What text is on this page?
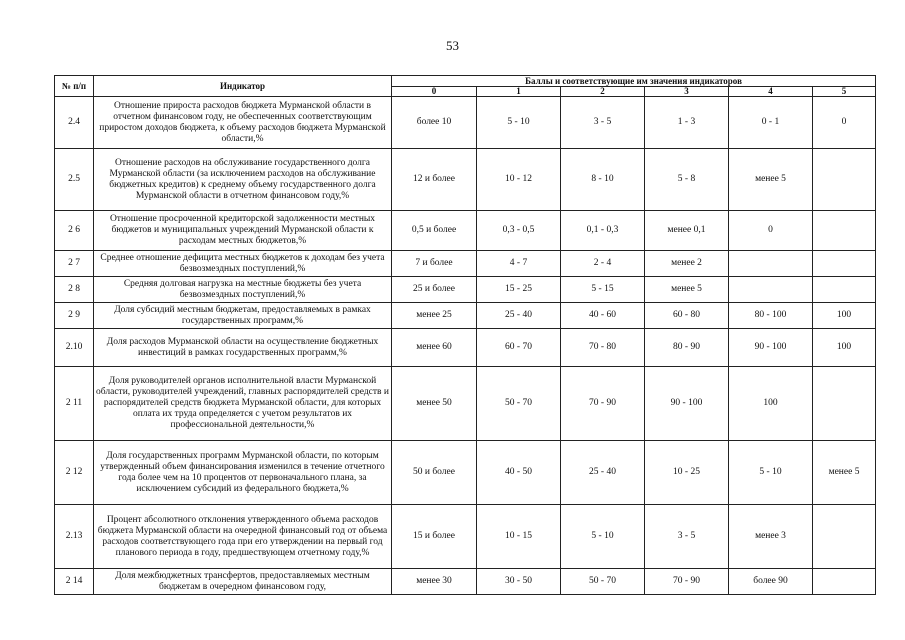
53
№ п/п	Индикатор	Баллы и соответствующие им значения индикаторов					
		0	1	2	3	4	5
2.4	Отношение прироста расходов бюджета Мурманской области в отчетном финансовом году, не обеспеченных соответствующим приростом доходов бюджета, к объему расходов бюджета Мурманской области,%	более 10	5 - 10	3 - 5	1 - 3	0 - 1	0
2.5	Отношение расходов на обслуживание государственного долга Мурманской области (за исключением расходов на обслуживание бюджетных кредитов) к среднему объему государственного долга Мурманской области в отчетном финансовом году,%	12 и более	10 - 12	8 - 10	5 - 8	менее 5	
2 6	Отношение просроченной кредиторской задолженности местных бюджетов и муниципальных учреждений Мурманской области к расходам местных бюджетов,%	0,5 и более	0,3 - 0,5	0,1 - 0,3	менее 0,1	0	
2 7	Среднее отношение дефицита местных бюджетов к доходам без учета безвозмездных поступлений,%	7 и более	4 - 7	2 - 4	менее 2		
2 8	Средняя долговая нагрузка на местные бюджеты без учета безвозмездных поступлений,%	25 и более	15 - 25	5 - 15	менее 5		
2 9	Доля субсидий местным бюджетам, предоставляемых в рамках государственных программ,%	менее 25	25 - 40	40 - 60	60 - 80	80 - 100	100
2.10	Доля расходов Мурманской области на осуществление бюджетных инвестиций в рамках государственных программ,%	менее 60	60 - 70	70 - 80	80 - 90	90 - 100	100
2 11	Доля руководителей органов исполнительной власти Мурманской области, руководителей учреждений, главных распорядителей средств и распорядителей средств бюджета Мурманской области, для которых оплата их труда определяется с учетом результатов их профессиональной деятельности,%	менее 50	50 - 70	70 - 90	90 - 100	100	
2 12	Доля государственных программ Мурманской области, по которым утвержденный объем финансирования изменился в течение отчетного года более чем на 10 процентов от первоначального плана, за исключением субсидий из федерального бюджета,%	50 и более	40 - 50	25 - 40	10 - 25	5 - 10	менее 5
2.13	Процент абсолютного отклонения утвержденного объема расходов бюджета Мурманской области на очередной финансовый год от объема расходов соответствующего года при его утверждении на первый год планового периода в году, предшествующем отчетному году,%	15 и более	10 - 15	5 - 10	3 - 5	менее 3	
2 14	Доля межбюджетных трансфертов, предоставляемых местным бюджетам в очередном финансовом году,	менее 30	30 - 50	50 - 70	70 - 90	более 90	
